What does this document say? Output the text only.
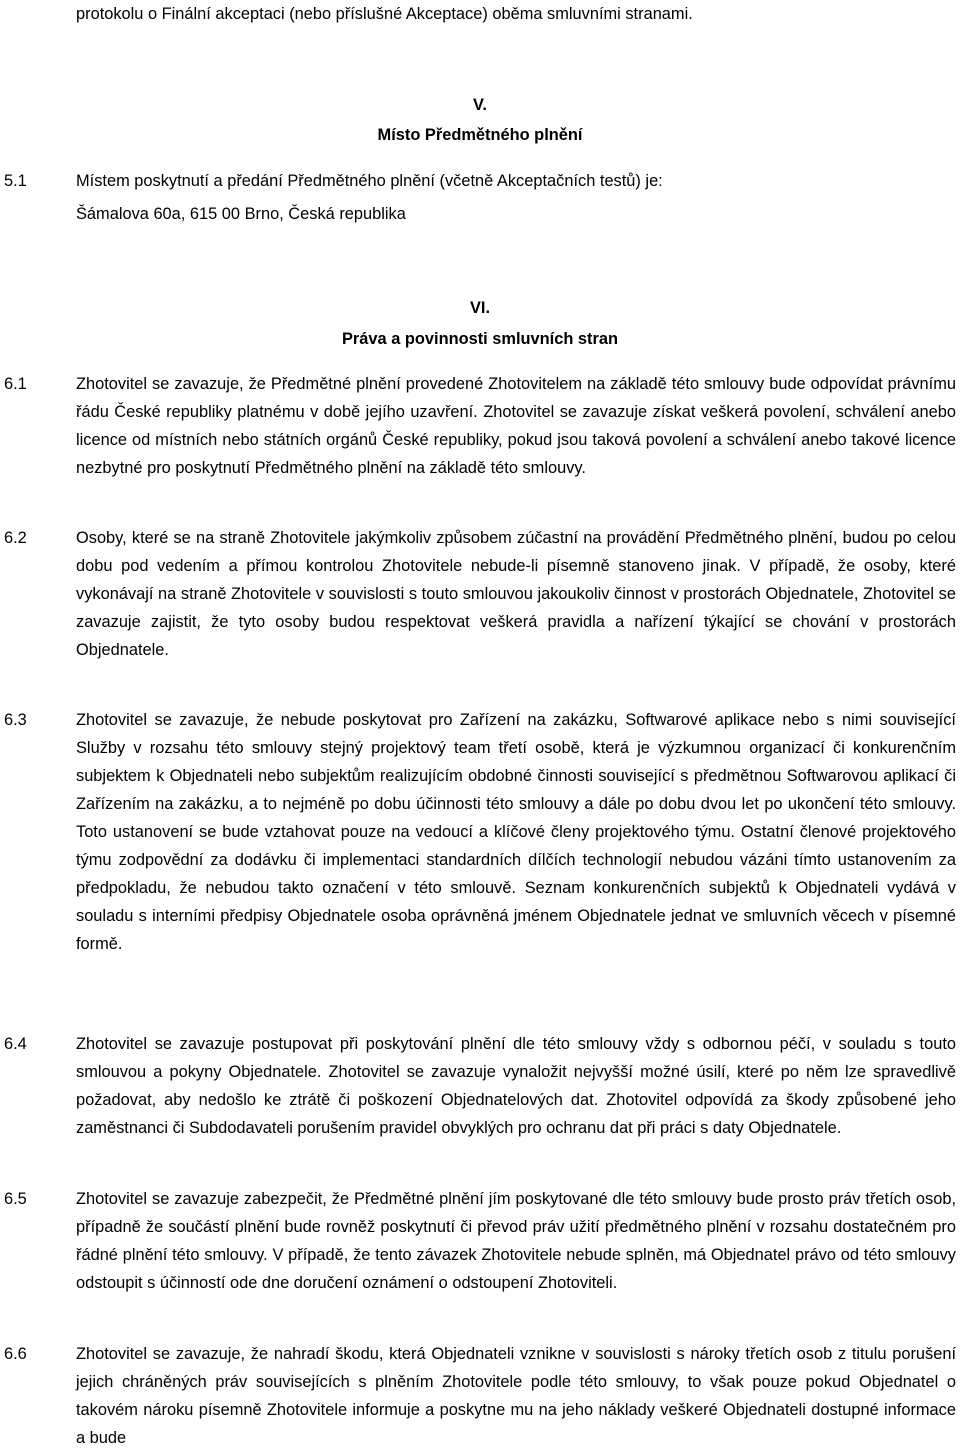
protokolu o Finální akceptaci (nebo příslušné Akceptace) oběma smluvními stranami.
V.
Místo Předmětného plnění
5.1	Místem poskytnutí a předání Předmětného plnění (včetně Akceptačních testů) je:
Šámalova 60a, 615 00 Brno, Česká republika
VI.
Práva a povinnosti smluvních stran
6.1	Zhotovitel se zavazuje, že Předmětné plnění provedené Zhotovitelem na základě této smlouvy bude odpovídat právnímu řádu České republiky platnému v době jejího uzavření. Zhotovitel se zavazuje získat veškerá povolení, schválení anebo licence od místních nebo státních orgánů České republiky, pokud jsou taková povolení a schválení anebo takové licence nezbytné pro poskytnutí Předmětného plnění na základě této smlouvy.
6.2	Osoby, které se na straně Zhotovitele jakýmkoliv způsobem zúčastní na provádění Předmětného plnění, budou po celou dobu pod vedením a přímou kontrolou Zhotovitele nebude-li písemně stanoveno jinak. V případě, že osoby, které vykonávají na straně Zhotovitele v souvislosti s touto smlouvou jakoukoliv činnost v prostorách Objednatele, Zhotovitel se zavazuje zajistit, že tyto osoby budou respektovat veškerá pravidla a nařízení týkající se chování v prostorách Objednatele.
6.3	Zhotovitel se zavazuje, že nebude poskytovat pro Zařízení na zakázku, Softwarové aplikace nebo s nimi související Služby v rozsahu této smlouvy stejný projektový team třetí osobě, která je výzkumnou organizací či konkurenčním subjektem k Objednateli nebo subjektům realizujícím obdobné činnosti související s předmětnou Softwarovou aplikací či Zařízením na zakázku, a to nejméně po dobu účinnosti této smlouvy a dále po dobu dvou let po ukončení této smlouvy. Toto ustanovení se bude vztahovat pouze na vedoucí a klíčové členy projektového týmu. Ostatní členové projektového týmu zodpovědní za dodávku či implementaci standardních dílčích technologií nebudou vázáni tímto ustanovením za předpokladu, že nebudou takto označení v této smlouvě. Seznam konkurenčních subjektů k Objednateli vydává v souladu s interními předpisy Objednatele osoba oprávněná jménem Objednatele jednat ve smluvních věcech v písemné formě.
6.4	Zhotovitel se zavazuje postupovat při poskytování plnění dle této smlouvy vždy s odbornou péčí, v souladu s touto smlouvou a pokyny Objednatele. Zhotovitel se zavazuje vynaložit nejvyšší možné úsilí, které po něm lze spravedlivě požadovat, aby nedošlo ke ztrátě či poškození Objednatelových dat. Zhotovitel odpovídá za škody způsobené jeho zaměstnanci či Subdodavateli porušením pravidel obvyklých pro ochranu dat při práci s daty Objednatele.
6.5	Zhotovitel se zavazuje zabezpečit, že Předmětné plnění jím poskytované dle této smlouvy bude prosto práv třetích osob, případně že součástí plnění bude rovněž poskytnutí či převod práv užití předmětného plnění v rozsahu dostatečném pro řádné plnění této smlouvy. V případě, že tento závazek Zhotovitele nebude splněn, má Objednatel právo od této smlouvy odstoupit s účinností ode dne doručení oznámení o odstoupení Zhotoviteli.
6.6	Zhotovitel se zavazuje, že nahradí škodu, která Objednateli vznikne v souvislosti s nároky třetích osob z titulu porušení jejich chráněných práv souvisejících s plněním Zhotovitele podle této smlouvy, to však pouze pokud Objednatel o takovém nároku písemně Zhotovitele informuje a poskytne mu na jeho náklady veškeré Objednateli dostupné informace a bude
